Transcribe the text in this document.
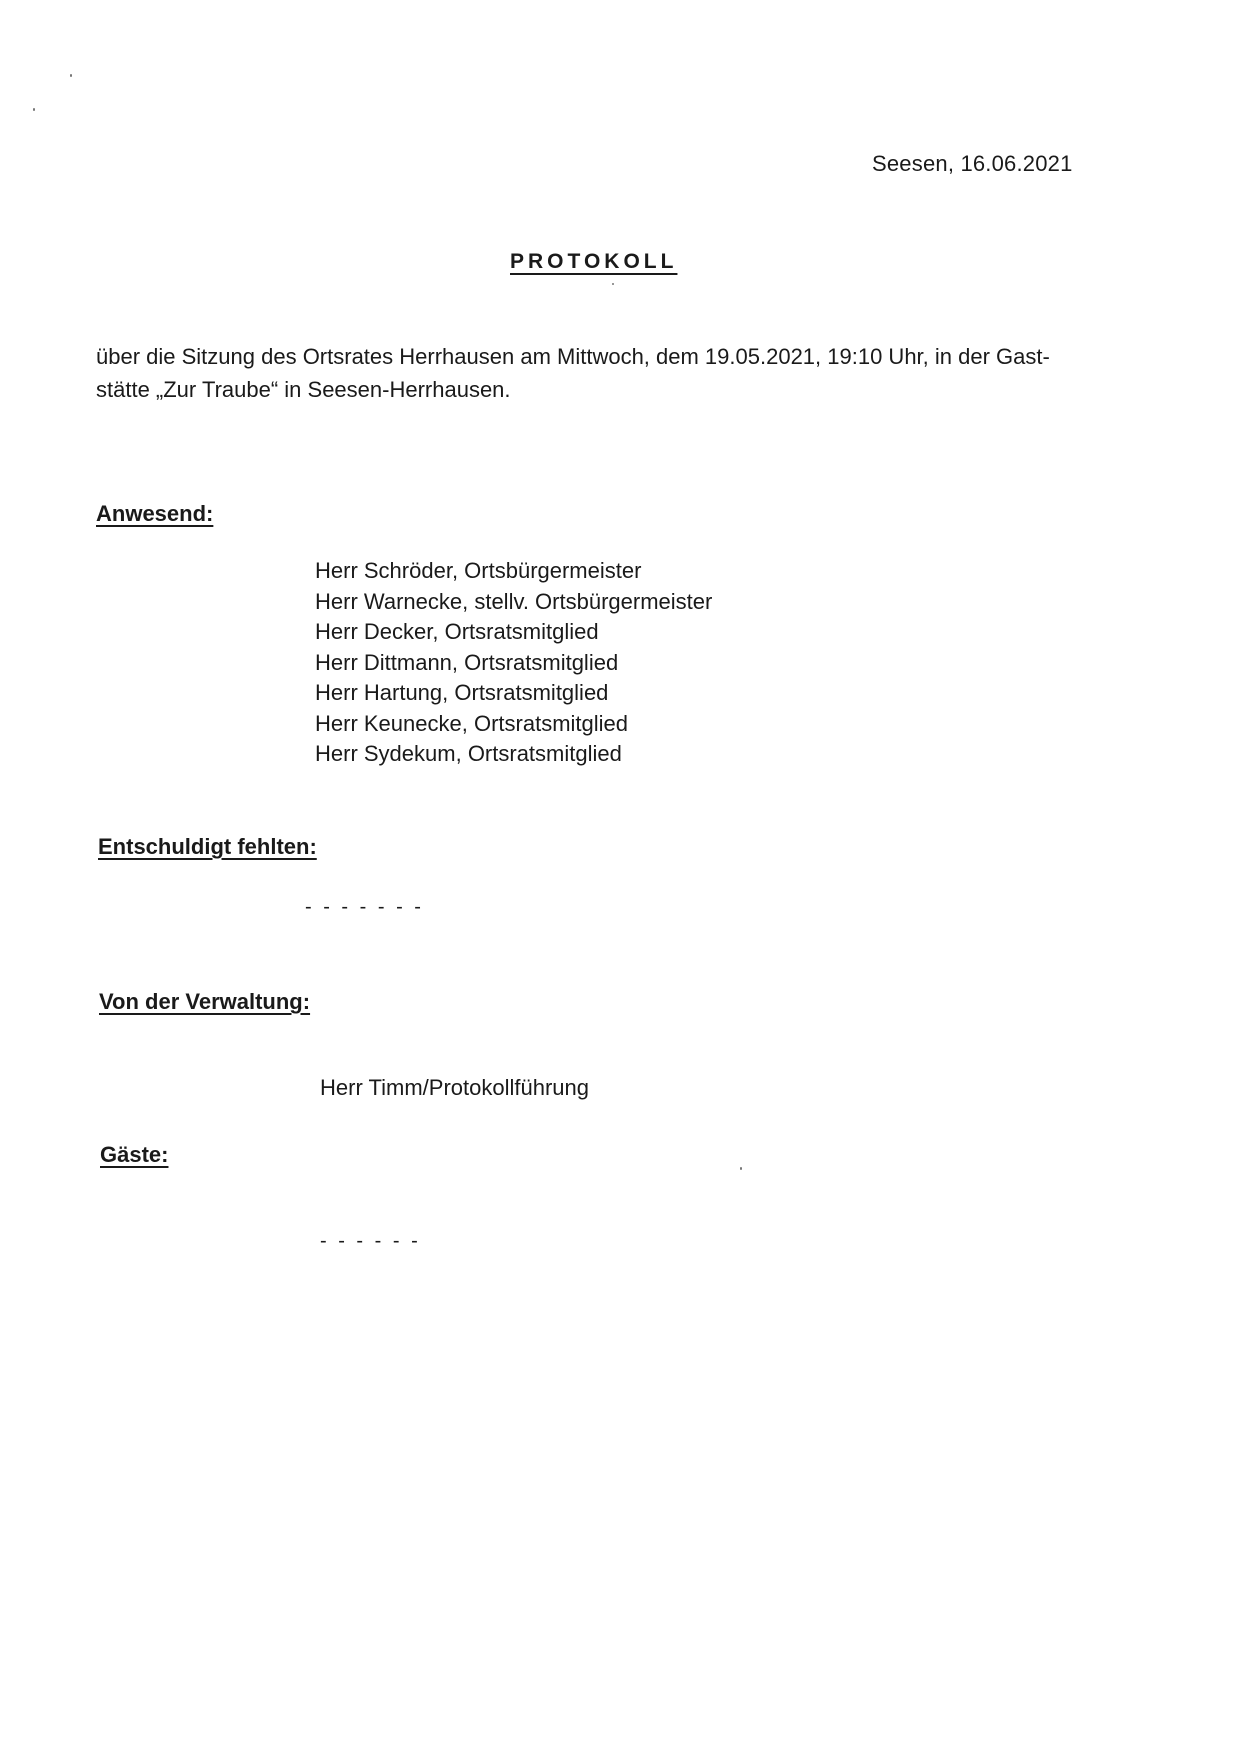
Seesen, 16.06.2021
PROTOKOLL
über die Sitzung des Ortsrates Herrhausen am Mittwoch, dem 19.05.2021, 19:10 Uhr, in der Gast-
stätte „Zur Traube“ in Seesen-Herrhausen.
Anwesend:
Herr Schröder, Ortsbürgermeister
Herr Warnecke, stellv. Ortsbürgermeister
Herr Decker, Ortsratsmitglied
Herr Dittmann, Ortsratsmitglied
Herr Hartung, Ortsratsmitglied
Herr Keunecke, Ortsratsmitglied
Herr Sydekum, Ortsratsmitglied
Entschuldigt fehlten:
- - - - - - -
Von der Verwaltung:
Herr Timm/Protokollführung
Gäste:
- - - - - -
